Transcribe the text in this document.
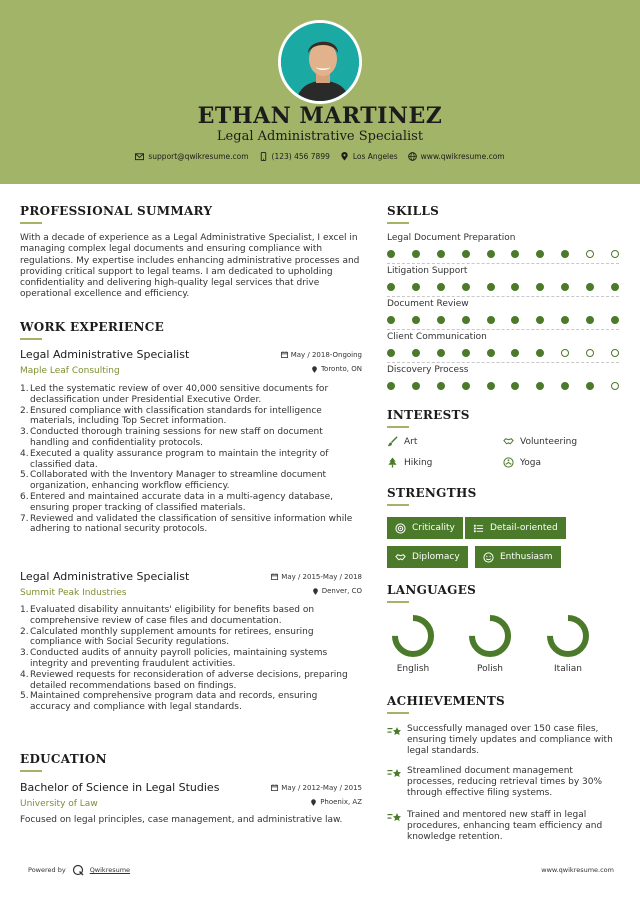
ETHAN MARTINEZ
Legal Administrative Specialist
support@qwikresume.com	(123) 456 7899	Los Angeles	www.qwikresume.com
PROFESSIONAL SUMMARY
With a decade of experience as a Legal Administrative Specialist, I excel in managing complex legal documents and ensuring compliance with regulations. My expertise includes enhancing administrative processes and providing critical support to legal teams. I am dedicated to upholding confidentiality and delivering high-quality legal services that drive operational excellence and efficiency.
WORK EXPERIENCE
Legal Administrative Specialist	May / 2018-Ongoing
Maple Leaf Consulting	Toronto, ON
1. Led the systematic review of over 40,000 sensitive documents for declassification under Presidential Executive Order.
2. Ensured compliance with classification standards for intelligence materials, including Top Secret information.
3. Conducted thorough training sessions for new staff on document handling and confidentiality protocols.
4. Executed a quality assurance program to maintain the integrity of classified data.
5. Collaborated with the Inventory Manager to streamline document organization, enhancing workflow efficiency.
6. Entered and maintained accurate data in a multi-agency database, ensuring proper tracking of classified materials.
7. Reviewed and validated the classification of sensitive information while adhering to national security protocols.
Legal Administrative Specialist	May / 2015-May / 2018
Summit Peak Industries	Denver, CO
1. Evaluated disability annuitants' eligibility for benefits based on comprehensive review of case files and documentation.
2. Calculated monthly supplement amounts for retirees, ensuring compliance with Social Security regulations.
3. Conducted audits of annuity payroll policies, maintaining systems integrity and preventing fraudulent activities.
4. Reviewed requests for reconsideration of adverse decisions, preparing detailed recommendations based on findings.
5. Maintained comprehensive program data and records, ensuring accuracy and compliance with legal standards.
EDUCATION
Bachelor of Science in Legal Studies	May / 2012-May / 2015
University of Law	Phoenix, AZ
Focused on legal principles, case management, and administrative law.
SKILLS
Legal Document Preparation
Litigation Support
Document Review
Client Communication
Discovery Process
INTERESTS
Art	Volunteering
Hiking	Yoga
STRENGTHS
Criticality	Detail-oriented
Diplomacy	Enthusiasm
LANGUAGES
English	Polish	Italian
ACHIEVEMENTS
Successfully managed over 150 case files, ensuring timely updates and compliance with legal standards.
Streamlined document management processes, reducing retrieval times by 30% through effective filing systems.
Trained and mentored new staff in legal procedures, enhancing team efficiency and knowledge retention.
Powered by	Qwikresume	www.qwikresume.com
